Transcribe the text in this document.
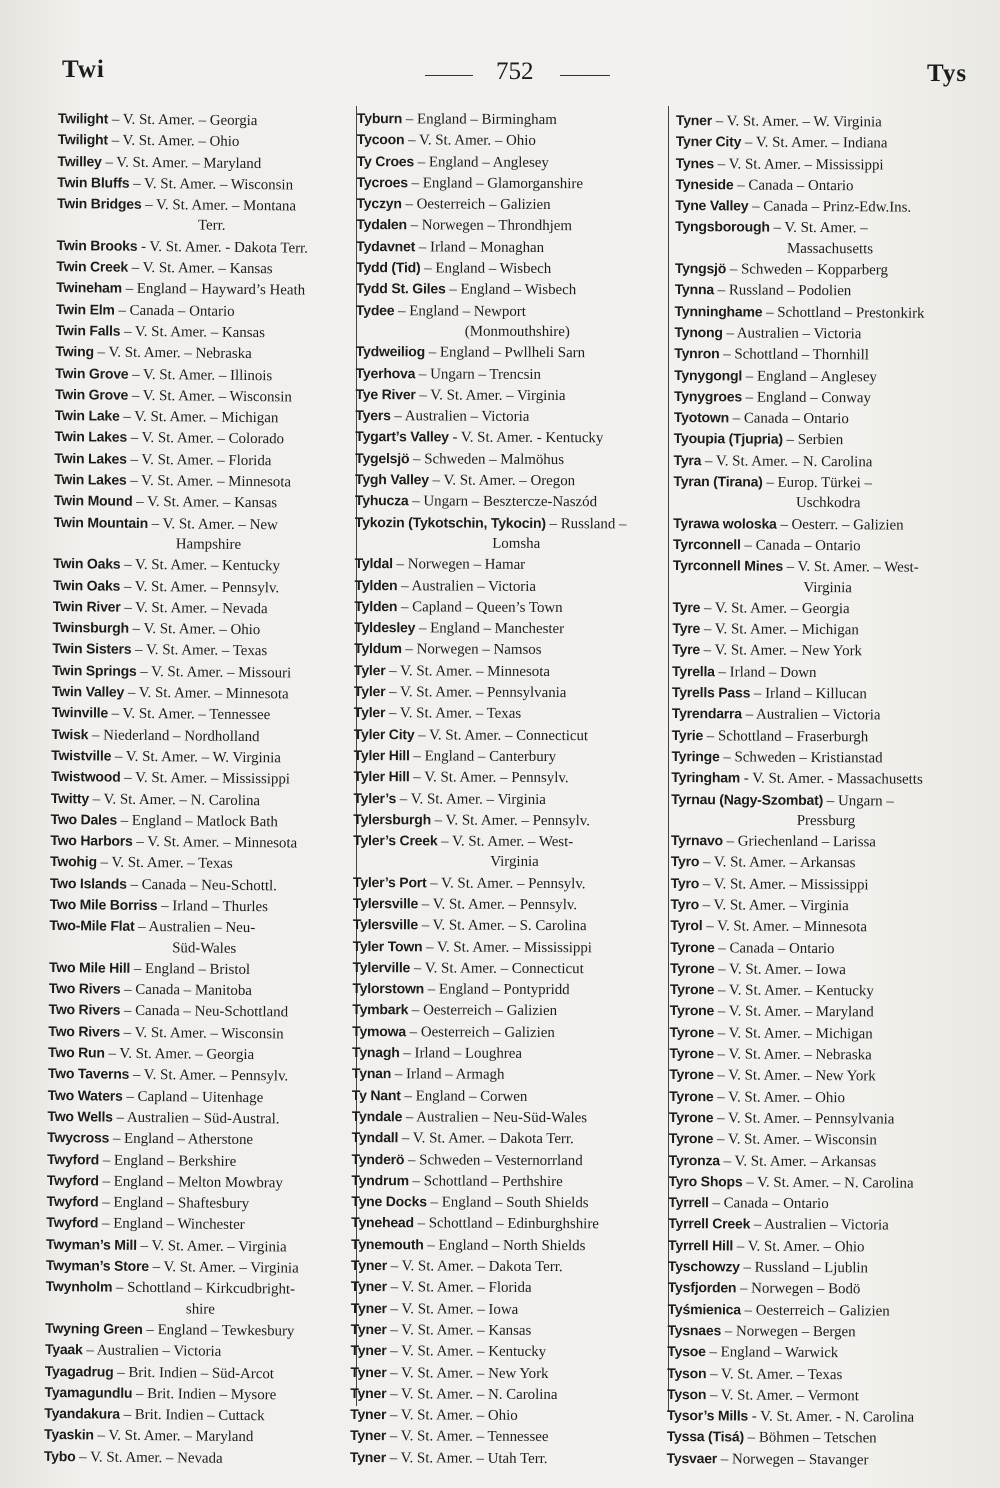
Twi	752	Tys
Twilight – V. St. Amer. – Georgia
Twilight – V. St. Amer. – Ohio
Twilley – V. St. Amer. – Maryland
Twin Bluffs – V. St. Amer. – Wisconsin
Twin Bridges – V. St. Amer. – Montana
Terr.
Twin Brooks - V. St. Amer. - Dakota Terr.
Twin Creek – V. St. Amer. – Kansas
Twineham – England – Hayward’s Heath
Twin Elm – Canada – Ontario
Twin Falls – V. St. Amer. – Kansas
Twing – V. St. Amer. – Nebraska
Twin Grove – V. St. Amer. – Illinois
Twin Grove – V. St. Amer. – Wisconsin
Twin Lake – V. St. Amer. – Michigan
Twin Lakes – V. St. Amer. – Colorado
Twin Lakes – V. St. Amer. – Florida
Twin Lakes – V. St. Amer. – Minnesota
Twin Mound – V. St. Amer. – Kansas
Twin Mountain – V. St. Amer. – New
Hampshire
Twin Oaks – V. St. Amer. – Kentucky
Twin Oaks – V. St. Amer. – Pennsylv.
Twin River – V. St. Amer. – Nevada
Twinsburgh – V. St. Amer. – Ohio
Twin Sisters – V. St. Amer. – Texas
Twin Springs – V. St. Amer. – Missouri
Twin Valley – V. St. Amer. – Minnesota
Twinville – V. St. Amer. – Tennessee
Twisk – Niederland – Nordholland
Twistville – V. St. Amer. – W. Virginia
Twistwood – V. St. Amer. – Mississippi
Twitty – V. St. Amer. – N. Carolina
Two Dales – England – Matlock Bath
Two Harbors – V. St. Amer. – Minnesota
Twohig – V. St. Amer. – Texas
Two Islands – Canada – Neu-Schottl.
Two Mile Borriss – Irland – Thurles
Two-Mile Flat – Australien – Neu-
Süd-Wales
Two Mile Hill – England – Bristol
Two Rivers – Canada – Manitoba
Two Rivers – Canada – Neu-Schottland
Two Rivers – V. St. Amer. – Wisconsin
Two Run – V. St. Amer. – Georgia
Two Taverns – V. St. Amer. – Pennsylv.
Two Waters – Capland – Uitenhage
Two Wells – Australien – Süd-Austral.
Twycross – England – Atherstone
Twyford – England – Berkshire
Twyford – England – Melton Mowbray
Twyford – England – Shaftesbury
Twyford – England – Winchester
Twyman’s Mill – V. St. Amer. – Virginia
Twyman’s Store – V. St. Amer. – Virginia
Twynholm – Schottland – Kirkcudbright-
shire
Twyning Green – England – Tewkesbury
Tyaak – Australien – Victoria
Tyagadrug – Brit. Indien – Süd-Arcot
Tyamagundlu – Brit. Indien – Mysore
Tyandakura – Brit. Indien – Cuttack
Tyaskin – V. St. Amer. – Maryland
Tybo – V. St. Amer. – Nevada
Tyburn – England – Birmingham
Tycoon – V. St. Amer. – Ohio
Ty Croes – England – Anglesey
Tycroes – England – Glamorganshire
Tyczyn – Oesterreich – Galizien
Tydalen – Norwegen – Throndhjem
Tydavnet – Irland – Monaghan
Tydd (Tid) – England – Wisbech
Tydd St. Giles – England – Wisbech
Tydee – England – Newport
(Monmouthshire)
Tydweiliog – England – Pwllheli Sarn
Tyerhova – Ungarn – Trencsin
Tye River – V. St. Amer. – Virginia
Tyers – Australien – Victoria
Tygart’s Valley - V. St. Amer. - Kentucky
Tygelsjö – Schweden – Malmöhus
Tygh Valley – V. St. Amer. – Oregon
Tyhucza – Ungarn – Beszterczе-Naszód
Tykozin (Tykotschin, Tykocin) – Russland –
Lomsha
Tyldal – Norwegen – Hamar
Tylden – Australien – Victoria
Tylden – Capland – Queen’s Town
Tyldesley – England – Manchester
Tyldum – Norwegen – Namsos
Tyler – V. St. Amer. – Minnesota
Tyler – V. St. Amer. – Pennsylvania
Tyler – V. St. Amer. – Texas
Tyler City – V. St. Amer. – Connecticut
Tyler Hill – England – Canterbury
Tyler Hill – V. St. Amer. – Pennsylv.
Tyler’s – V. St. Amer. – Virginia
Tylersburgh – V. St. Amer. – Pennsylv.
Tyler’s Creek – V. St. Amer. – West-
Virginia
Tyler’s Port – V. St. Amer. – Pennsylv.
Tylersville – V. St. Amer. – Pennsylv.
Tylersville – V. St. Amer. – S. Carolina
Tyler Town – V. St. Amer. – Mississippi
Tylerville – V. St. Amer. – Connecticut
Tylorstown – England – Pontypridd
Tymbark – Oesterreich – Galizien
Tymowa – Oesterreich – Galizien
Tynagh – Irland – Loughrea
Tynan – Irland – Armagh
Ty Nant – England – Corwen
Tyndale – Australien – Neu-Süd-Wales
Tyndall – V. St. Amer. – Dakota Terr.
Tynderö – Schweden – Vesternorrland
Tyndrum – Schottland – Perthshire
Tyne Docks – England – South Shields
Tynehead – Schottland – Edinburghshire
Tynemouth – England – North Shields
Tyner – V. St. Amer. – Dakota Terr.
Tyner – V. St. Amer. – Florida
Tyner – V. St. Amer. – Iowa
Tyner – V. St. Amer. – Kansas
Tyner – V. St. Amer. – Kentucky
Tyner – V. St. Amer. – New York
Tyner – V. St. Amer. – N. Carolina
Tyner – V. St. Amer. – Ohio
Tyner – V. St. Amer. – Tennessee
Tyner – V. St. Amer. – Utah Terr.
Tyner – V. St. Amer. – W. Virginia
Tyner City – V. St. Amer. – Indiana
Tynes – V. St. Amer. – Mississippi
Tyneside – Canada – Ontario
Tyne Valley – Canada – Prinz-Edw.Ins.
Tyngsborough – V. St. Amer. –
Massachusetts
Tyngsjö – Schweden – Kopparberg
Tynna – Russland – Podolien
Tynninghame – Schottland – Prestonkirk
Tynong – Australien – Victoria
Tynron – Schottland – Thornhill
Tynygongl – England – Anglesey
Tynygroes – England – Conway
Tyotown – Canada – Ontario
Tyoupia (Tjupria) – Serbien
Tyra – V. St. Amer. – N. Carolina
Tyran (Tirana) – Europ. Türkei –
Uschkodra
Tyrawa woloska – Oesterr. – Galizien
Tyrconnell – Canada – Ontario
Tyrconnell Mines – V. St. Amer. – West-
Virginia
Tyre – V. St. Amer. – Georgia
Tyre – V. St. Amer. – Michigan
Tyre – V. St. Amer. – New York
Tyrella – Irland – Down
Tyrells Pass – Irland – Killucan
Tyrendarra – Australien – Victoria
Tyrie – Schottland – Fraserburgh
Tyringe – Schweden – Kristianstad
Tyringham - V. St. Amer. - Massachusetts
Tyrnau (Nagy-Szombat) – Ungarn –
Pressburg
Tyrnavo – Griechenland – Larissa
Tyro – V. St. Amer. – Arkansas
Tyro – V. St. Amer. – Mississippi
Tyro – V. St. Amer. – Virginia
Tyrol – V. St. Amer. – Minnesota
Tyrone – Canada – Ontario
Tyrone – V. St. Amer. – Iowa
Tyrone – V. St. Amer. – Kentucky
Tyrone – V. St. Amer. – Maryland
Tyrone – V. St. Amer. – Michigan
Tyrone – V. St. Amer. – Nebraska
Tyrone – V. St. Amer. – New York
Tyrone – V. St. Amer. – Ohio
Tyrone – V. St. Amer. – Pennsylvania
Tyrone – V. St. Amer. – Wisconsin
Tyronza – V. St. Amer. – Arkansas
Tyro Shops – V. St. Amer. – N. Carolina
Tyrrell – Canada – Ontario
Tyrrell Creek – Australien – Victoria
Tyrrell Hill – V. St. Amer. – Ohio
Tyschowzy – Russland – Ljublin
Tysfjorden – Norwegen – Bodö
Tyśmienica – Oesterreich – Galizien
Tysnaes – Norwegen – Bergen
Tysoe – England – Warwick
Tyson – V. St. Amer. – Texas
Tyson – V. St. Amer. – Vermont
Tysor’s Mills - V. St. Amer. - N. Carolina
Tyssa (Tisá) – Böhmen – Tetschen
Tysvaer – Norwegen – Stavanger
